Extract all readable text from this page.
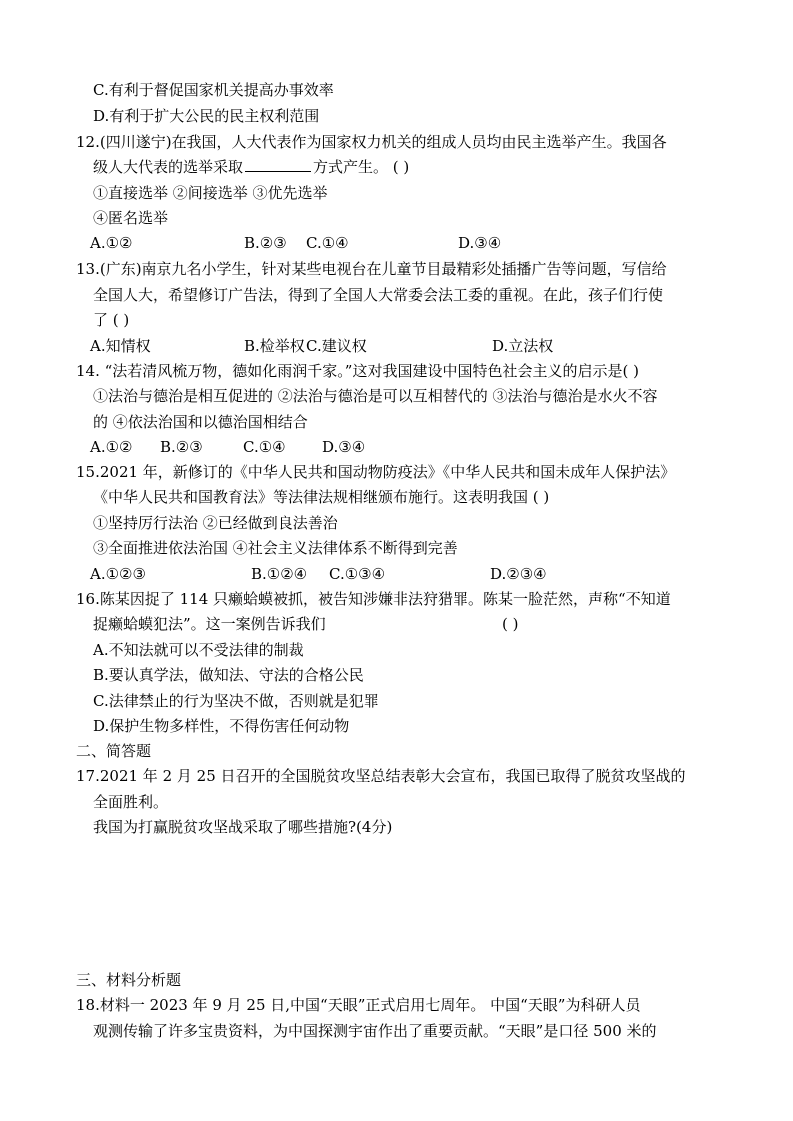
C.有利于督促国家机关提高办事效率
D.有利于扩大公民的民主权利范围
12.(四川遂宁)在我国，人大代表作为国家权力机关的组成人员均由民主选举产生。我国各
级人大代表的选举采取	方式产生。 ( )
①直接选举 ②间接选举 ③优先选举
④匿名选举
A.①②	B.②③ C.①④	D.③④
13.(广东)南京九名小学生，针对某些电视台在儿童节目最精彩处插播广告等问题，写信给
全国人大，希望修订广告法，得到了全国人大常委会法工委的重视。在此，孩子们行使
了 ( )
A.知情权	B.检举权 C.建议权	D.立法权
14. “法若清风梳万物，德如化雨润千家。”这对我国建设中国特色社会主义的启示是( )
①法治与德治是相互促进的 ②法治与德治是可以互相替代的 ③法治与德治是水火不容
的 ④依法治国和以德治国相结合
A.①② B.②③	C.①④ D.③④
15.2021 年，新修订的《中华人民共和国动物防疫法》《中华人民共和国未成年人保护法》
《中华人民共和国教育法》等法律法规相继颁布施行。这表明我国 ( )
①坚持厉行法治 ②已经做到良法善治
③全面推进依法治国 ④社会主义法律体系不断得到完善
A.①②③	B.①②④ C.①③④	D.②③④
16.陈某因捉了 114 只癞蛤蟆被抓，被告知涉嫌非法狩猎罪。陈某一脸茫然，声称“不知道
捉癞蛤蟆犯法”。这一案例告诉我们	( )
A.不知法就可以不受法律的制裁
B.要认真学法，做知法、守法的合格公民
C.法律禁止的行为坚决不做，否则就是犯罪
D.保护生物多样性，不得伤害任何动物
二、简答题
17.2021 年 2 月 25 日召开的全国脱贫攻坚总结表彰大会宣布，我国已取得了脱贫攻坚战的
全面胜利。
我国为打赢脱贫攻坚战采取了哪些措施?(4分)
三、材料分析题
18.材料一 2023 年 9 月 25 日,中国“天眼”正式启用七周年。 中国“天眼”为科研人员
观测传输了许多宝贵资料，为中国探测宇宙作出了重要贡献。“天眼”是口径 500 米的
